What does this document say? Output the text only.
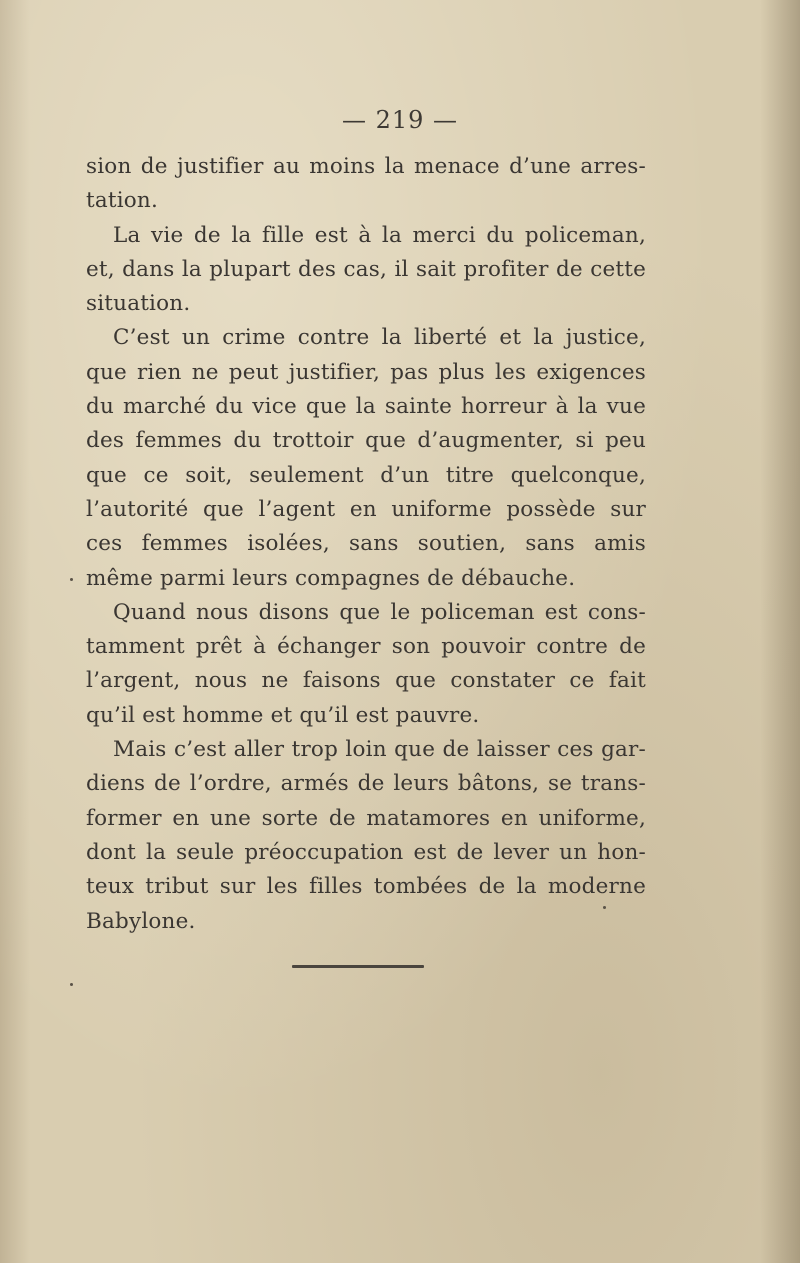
— 219 —
sion de justifier au moins la menace d’une arres-
tation.
La vie de la fille est à la merci du policeman,
et, dans la plupart des cas, il sait profiter de cette
situation.
C’est un crime contre la liberté et la justice,
que rien ne peut justifier, pas plus les exigences
du marché du vice que la sainte horreur à la vue
des femmes du trottoir que d’augmenter, si peu
que ce soit, seulement d’un titre quelconque,
l’autorité que l’agent en uniforme possède sur
ces femmes isolées, sans soutien, sans amis
même parmi leurs compagnes de débauche.
Quand nous disons que le policeman est cons-
tamment prêt à échanger son pouvoir contre de
l’argent, nous ne faisons que constater ce fait
qu’il est homme et qu’il est pauvre.
Mais c’est aller trop loin que de laisser ces gar-
diens de l’ordre, armés de leurs bâtons, se trans-
former en une sorte de matamores en uniforme,
dont la seule préoccupation est de lever un hon-
teux tribut sur les filles tombées de la moderne
Babylone.
